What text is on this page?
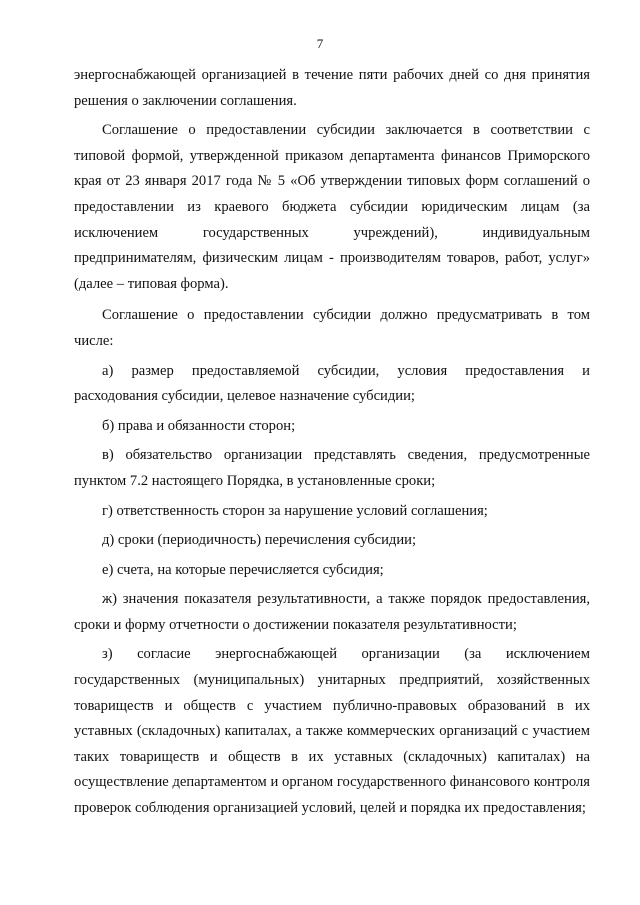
7

энергоснабжающей организацией в течение пяти рабочих дней со дня принятия решения о заключении соглашения.

Соглашение о предоставлении субсидии заключается в соответствии с типовой формой, утвержденной приказом департамента финансов Приморского края от 23 января 2017 года № 5 «Об утверждении типовых форм соглашений о предоставлении из краевого бюджета субсидии юридическим лицам (за исключением государственных учреждений), индивидуальным предпринимателям, физическим лицам - производителям товаров, работ, услуг» (далее – типовая форма).

Соглашение о предоставлении субсидии должно предусматривать в том числе:

а) размер предоставляемой субсидии, условия предоставления и расходования субсидии, целевое назначение субсидии;

б) права и обязанности сторон;

в) обязательство организации представлять сведения, предусмотренные пунктом 7.2 настоящего Порядка, в установленные сроки;

г) ответственность сторон за нарушение условий соглашения;

д) сроки (периодичность) перечисления субсидии;

е) счета, на которые перечисляется субсидия;

ж) значения показателя результативности, а также порядок предоставления, сроки и форму отчетности о достижении показателя результативности;

з) согласие энергоснабжающей организации (за исключением государственных (муниципальных) унитарных предприятий, хозяйственных товариществ и обществ с участием публично-правовых образований в их уставных (складочных) капиталах, а также коммерческих организаций с участием таких товариществ и обществ в их уставных (складочных) капиталах) на осуществление департаментом и органом государственного финансового контроля проверок соблюдения организацией условий, целей и порядка их предоставления;
